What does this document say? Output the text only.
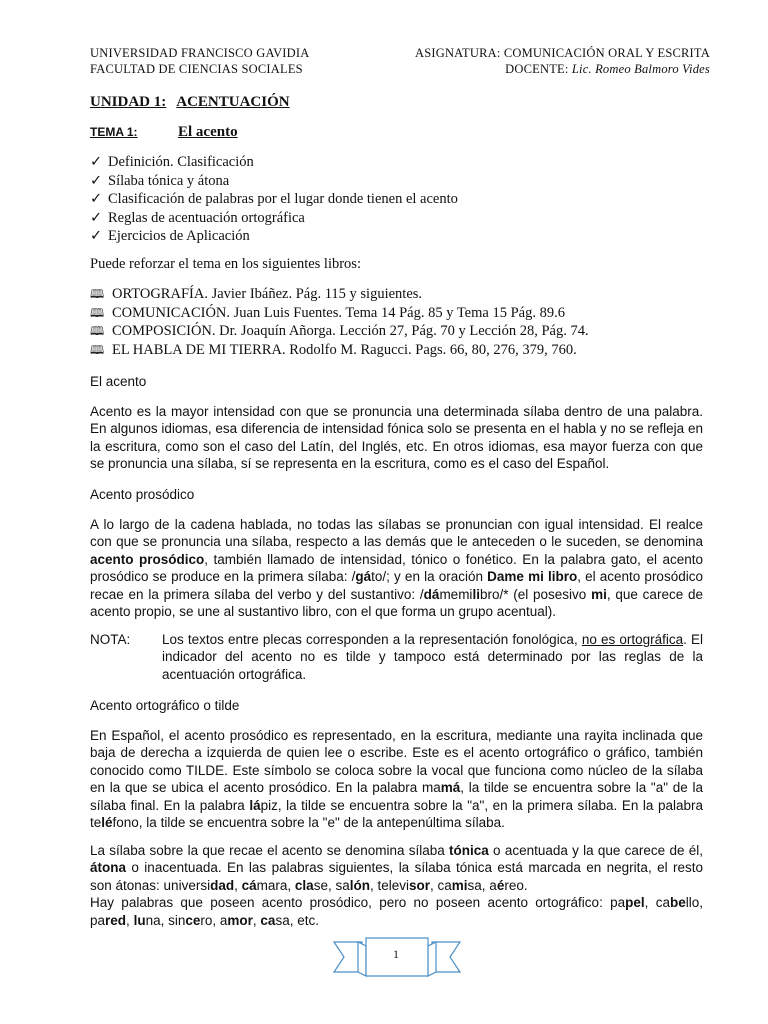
UNIVERSIDAD FRANCISCO GAVIDIA
FACULTAD DE CIENCIAS SOCIALES
ASIGNATURA: COMUNICACIÓN ORAL Y ESCRITA
DOCENTE: Lic. Romeo Balmoro Vides
UNIDAD 1: ACENTUACIÓN
TEMA 1:	El acento
✓ Definición. Clasificación
✓ Sílaba tónica y átona
✓ Clasificación de palabras por el lugar donde tienen el acento
✓ Reglas de acentuación ortográfica
✓ Ejercicios de Aplicación
Puede reforzar el tema en los siguientes libros:
🕮 ORTOGRAFÍA. Javier Ibáñez. Pág. 115 y siguientes.
🕮 COMUNICACIÓN. Juan Luis Fuentes. Tema 14 Pág. 85 y Tema 15 Pág. 89.6
🕮 COMPOSICIÓN. Dr. Joaquín Añorga. Lección 27, Pág. 70 y Lección 28, Pág. 74.
🕮 EL HABLA DE MI TIERRA. Rodolfo M. Ragucci. Pags. 66, 80, 276, 379, 760.
El acento
Acento es la mayor intensidad con que se pronuncia una determinada sílaba dentro de una palabra. En algunos idiomas, esa diferencia de intensidad fónica solo se presenta en el habla y no se refleja en la escritura, como son el caso del Latín, del Inglés, etc. En otros idiomas, esa mayor fuerza con que se pronuncia una sílaba, sí se representa en la escritura, como es el caso del Español.
Acento prosódico
A lo largo de la cadena hablada, no todas las sílabas se pronuncian con igual intensidad. El realce con que se pronuncia una sílaba, respecto a las demás que le anteceden o le suceden, se denomina acento prosódico, también llamado de intensidad, tónico o fonético. En la palabra gato, el acento prosódico se produce en la primera sílaba: /gáto/; y en la oración Dame mi libro, el acento prosódico recae en la primera sílaba del verbo y del sustantivo: /dámemilibro/* (el posesivo mi, que carece de acento propio, se une al sustantivo libro, con el que forma un grupo acentual).
NOTA: Los textos entre plecas corresponden a la representación fonológica, no es ortográfica. El indicador del acento no es tilde y tampoco está determinado por las reglas de la acentuación ortográfica.
Acento ortográfico o tilde
En Español, el acento prosódico es representado, en la escritura, mediante una rayita inclinada que baja de derecha a izquierda de quien lee o escribe. Este es el acento ortográfico o gráfico, también conocido como TILDE. Este símbolo se coloca sobre la vocal que funciona como núcleo de la sílaba en la que se ubica el acento prosódico. En la palabra mamá, la tilde se encuentra sobre la "a" de la sílaba final. En la palabra lápiz, la tilde se encuentra sobre la "a", en la primera sílaba. En la palabra teléfono, la tilde se encuentra sobre la "e" de la antepenúltima sílaba.
La sílaba sobre la que recae el acento se denomina sílaba tónica o acentuada y la que carece de él, átona o inacentuada. En las palabras siguientes, la sílaba tónica está marcada en negrita, el resto son átonas: universidad, cámara, clase, salón, televisor, camisa, aéreo.
Hay palabras que poseen acento prosódico, pero no poseen acento ortográfico: papel, cabello, pared, luna, sincero, amor, casa, etc.
1
